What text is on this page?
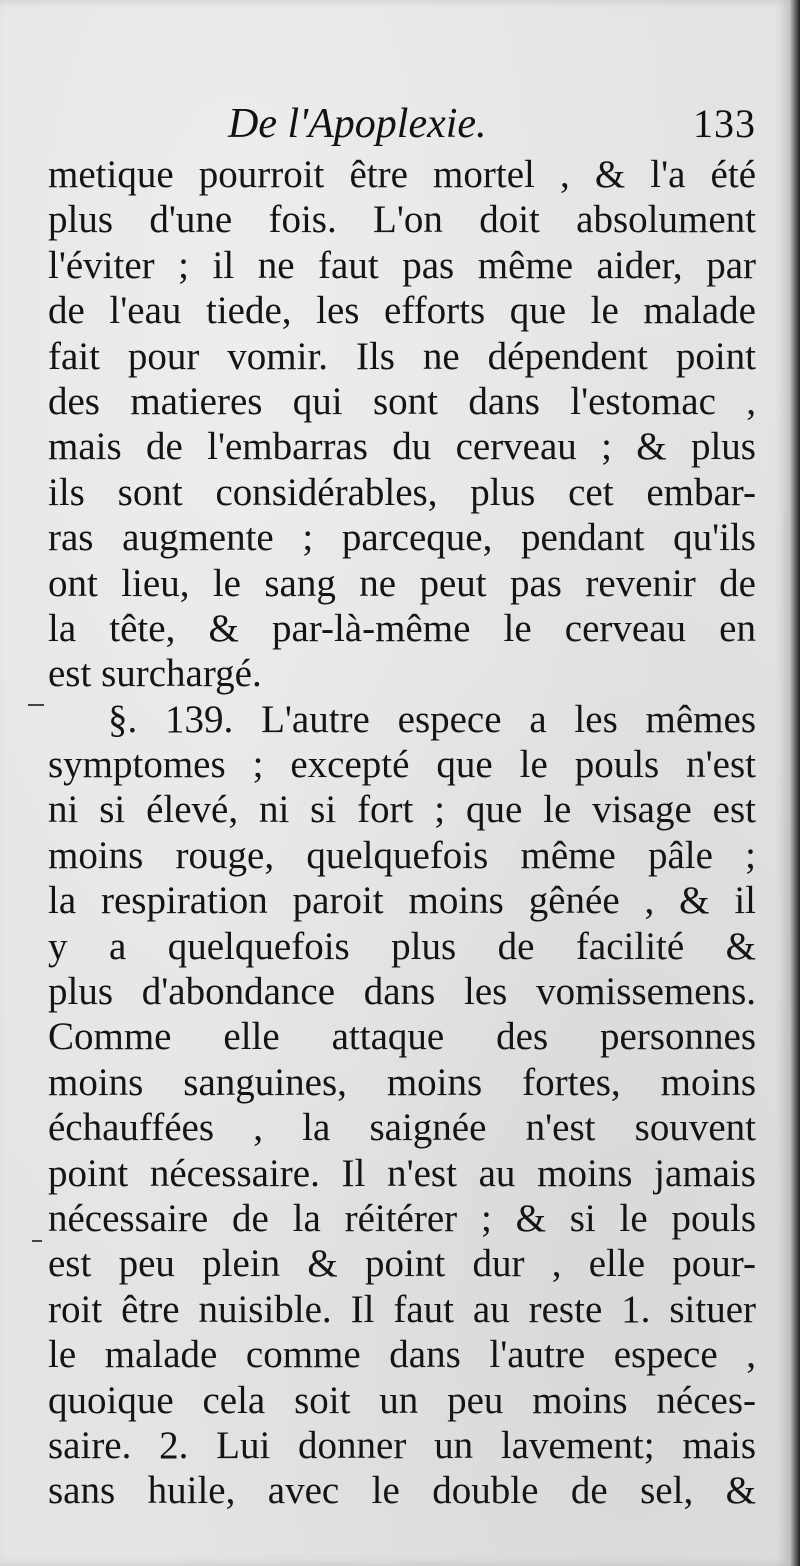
De l'Apoplexie.	133
metique pourroit être mortel , & l'a été
plus d'une fois. L'on doit absolument
l'éviter ; il ne faut pas même aider, par
de l'eau tiede, les efforts que le malade
fait pour vomir. Ils ne dépendent point
des matieres qui sont dans l'estomac ,
mais de l'embarras du cerveau ; & plus
ils sont considérables, plus cet embar-
ras augmente ; parceque, pendant qu'ils
ont lieu, le sang ne peut pas revenir de
la tête, & par-là-même le cerveau en
est surchargé.
§. 139. L'autre espece a les mêmes
symptomes ; excepté que le pouls n'est
ni si élevé, ni si fort ; que le visage est
moins rouge, quelquefois même pâle ;
la respiration paroit moins gênée , & il
y a quelquefois plus de facilité &
plus d'abondance dans les vomissemens.
Comme elle attaque des personnes
moins sanguines, moins fortes, moins
échauffées , la saignée n'est souvent
point nécessaire. Il n'est au moins jamais
nécessaire de la réitérer ; & si le pouls
est peu plein & point dur , elle pour-
roit être nuisible. Il faut au reste 1. situer
le malade comme dans l'autre espece ,
quoique cela soit un peu moins néces-
saire. 2. Lui donner un lavement; mais
sans huile, avec le double de sel, &
